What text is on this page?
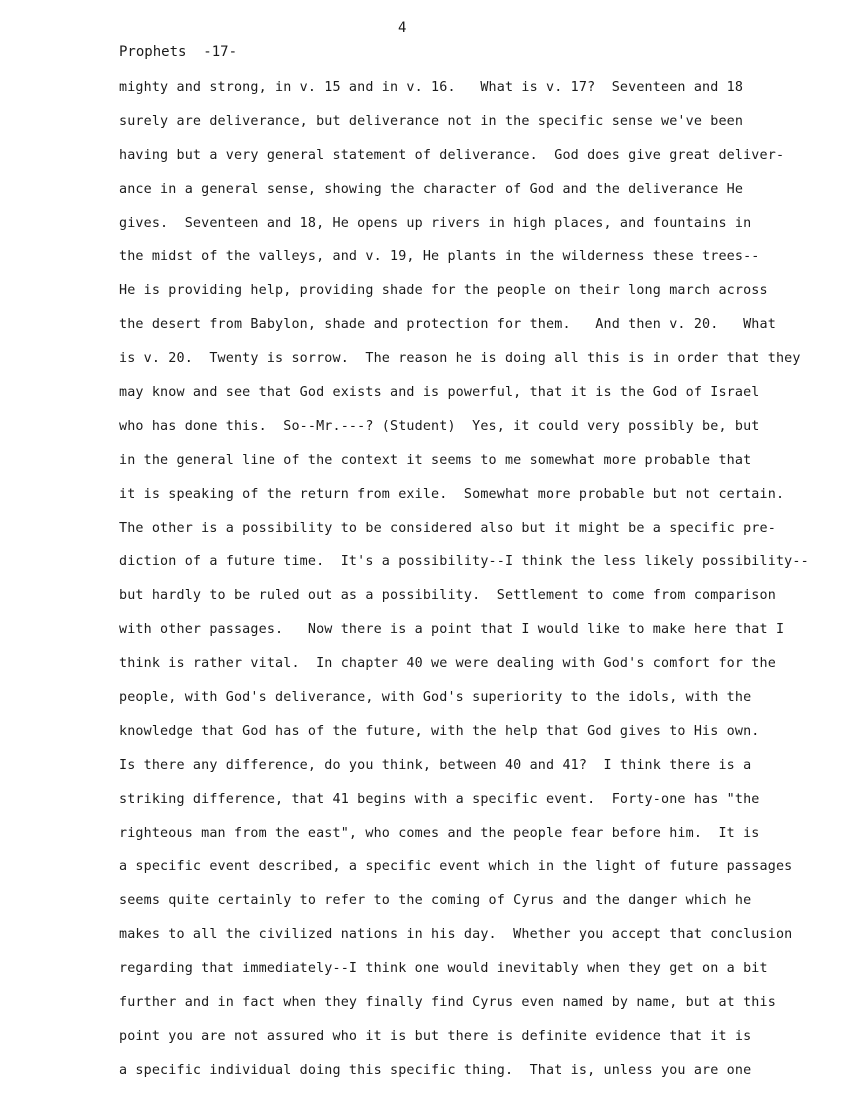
4
Prophets  -17-
mighty and strong, in v. 15 and in v. 16.   What is v. 17?  Seventeen and 18
surely are deliverance, but deliverance not in the specific sense we've been
having but a very general statement of deliverance.  God does give great deliver-
ance in a general sense, showing the character of God and the deliverance He
gives.  Seventeen and 18, He opens up rivers in high places, and fountains in
the midst of the valleys, and v. 19, He plants in the wilderness these trees--
He is providing help, providing shade for the people on their long march across
the desert from Babylon, shade and protection for them.   And then v. 20.   What
is v. 20.  Twenty is sorrow.  The reason he is doing all this is in order that they
may know and see that God exists and is powerful, that it is the God of Israel
who has done this.  So--Mr.---? (Student)  Yes, it could very possibly be, but
in the general line of the context it seems to me somewhat more probable that
it is speaking of the return from exile.  Somewhat more probable but not certain.
The other is a possibility to be considered also but it might be a specific pre-
diction of a future time.  It's a possibility--I think the less likely possibility--
but hardly to be ruled out as a possibility.  Settlement to come from comparison
with other passages.   Now there is a point that I would like to make here that I
think is rather vital.  In chapter 40 we were dealing with God's comfort for the
people, with God's deliverance, with God's superiority to the idols, with the
knowledge that God has of the future, with the help that God gives to His own.
Is there any difference, do you think, between 40 and 41?  I think there is a
striking difference, that 41 begins with a specific event.  Forty-one has "the
righteous man from the east", who comes and the people fear before him.  It is
a specific event described, a specific event which in the light of future passages
seems quite certainly to refer to the coming of Cyrus and the danger which he
makes to all the civilized nations in his day.  Whether you accept that conclusion
regarding that immediately--I think one would inevitably when they get on a bit
further and in fact when they finally find Cyrus even named by name, but at this
point you are not assured who it is but there is definite evidence that it is
a specific individual doing this specific thing.  That is, unless you are one
